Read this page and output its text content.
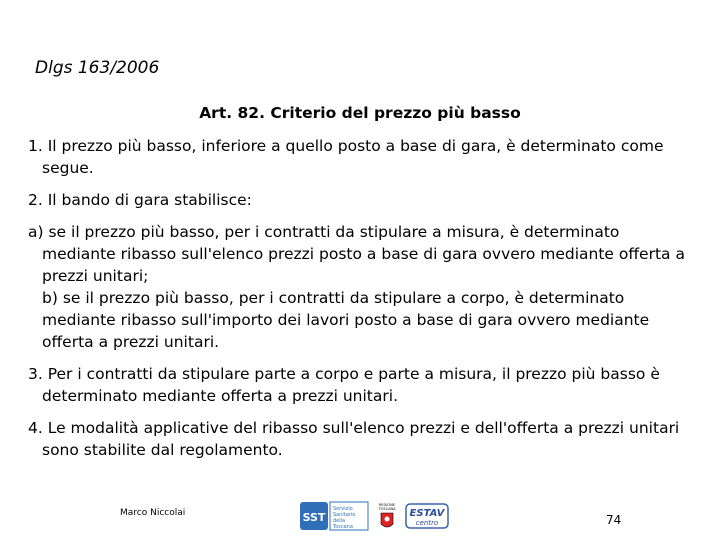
Dlgs 163/2006
Art. 82. Criterio del prezzo più basso

1. Il prezzo più basso, inferiore a quello posto a base di gara, è determinato come segue.

2. Il bando di gara stabilisce:

a) se il prezzo più basso, per i contratti da stipulare a misura, è determinato mediante ribasso sull'elenco prezzi posto a base di gara ovvero mediante offerta a prezzi unitari;

b) se il prezzo più basso, per i contratti da stipulare a corpo, è determinato mediante ribasso sull'importo dei lavori posto a base di gara ovvero mediante offerta a prezzi unitari.

3. Per i contratti da stipulare parte a corpo e parte a misura, il prezzo più basso è determinato mediante offerta a prezzi unitari.

4. Le modalità applicative del ribasso sull'elenco prezzi e dell'offerta a prezzi unitari sono stabilite dal regolamento.

Marco Niccolai	SST
Servizio
Sanitario
della
Toscana
REGIONE
TOSCANA ESTAV
centro	74
